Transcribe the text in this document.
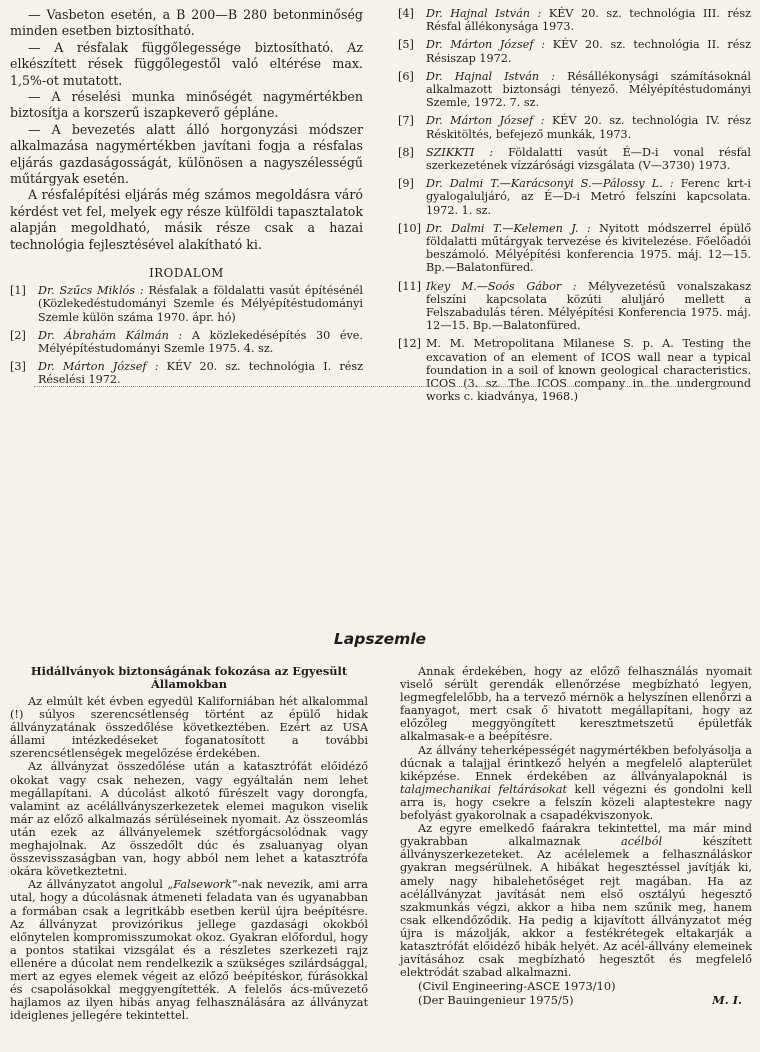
— Vasbeton esetén, a B 200—B 280 betonminőség minden esetben biztosítható.

— A résfalak függőlegessége biztosítható. Az elkészített rések függőlegestől való eltérése max. 1,5%-ot mutatott.

— A réselési munka minőségét nagymértékben biztosítja a korszerű iszapkeverő gépláne.

— A bevezetés alatt álló horgonyzási módszer alkalmazása nagymértékben javítani fogja a résfalas eljárás gazdaságosságát, különösen a nagyszélességű műtárgyak esetén.

A résfalépítési eljárás még számos megoldásra váró kérdést vet fel, melyek egy része külföldi tapasztalatok alapján megoldható, másik része csak a hazai technológia fejlesztésével alakítható ki.

IRODALOM
[1]	Dr. Szűcs Miklós : Résfalak a földalatti vasút építésénél (Közlekedéstudományi Szemle és Mélyépítéstudományi Szemle külön száma 1970. ápr. hó)
[2]	Dr. Ábrahám Kálmán : A közlekedésépítés 30 éve. Mélyépítéstudományi Szemle 1975. 4. sz.
[3]	Dr. Márton József : KÉV 20. sz. technológia I. rész Réselési 1972.
[4]	Dr. Hajnal István : KÉV 20. sz. technológia III. rész Résfal állékonysága 1973.
[5]	Dr. Márton József : KÉV 20. sz. technológia II. rész Résiszap 1972.
[6]	Dr. Hajnal István : Résállékonysági számításoknál alkalmazott biztonsági tényező. Mélyépítéstudományi Szemle, 1972. 7. sz.
[7]	Dr. Márton József : KÉV 20. sz. technológia IV. rész Réskitöltés, befejező munkák, 1973.
[8]	SZIKKTI : Földalatti vasút É—D-i vonal résfal szerkezetének vízzárósági vizsgálata (V—3730) 1973.
[9]	Dr. Dalmi T.—Karácsonyi S.—Pálossy L. : Ferenc krt-i gyalogaluljáró, az É—D-i Metró felszíni kapcsolata. 1972. 1. sz.
[10] Dr. Dalmi T.—Kelemen J. : Nyitott módszerrel épülő földalatti műtárgyak tervezése és kivitelezése. Főelőadói beszámoló. Mélyépítési konferencia 1975. máj. 12—15. Bp.—Balatonfüred.
[11] Ikey M.—Soós Gábor : Mélyvezetésű vonalszakasz felszíni kapcsolata közúti aluljáró mellett a Felszabadulás téren. Mélyépítési Konferencia 1975. máj. 12—15. Bp.—Balatonfüred.
[12] M. M. Metropolitana Milanese S. p. A. Testing the excavation of an element of ICOS wall near a typical foundation in a soil of known geological characteristics. ICOS (3. sz. The ICOS company in the underground works c. kiadványa, 1968.)
Lapszemle
Hidállványok biztonságának fokozása az Egyesült Államokban

Az elmúlt két évben egyedül Kaliforniában hét alkalommal (!) súlyos szerencsétlenség történt az épülő hidak állványzatának összedőlése következtében. Ezért az USA állami intézkedéseket foganatosított a további szerencsétlenségek megelőzése érdekében.

Az állványzat összedőlése után a katasztrófát előidéző okokat vagy csak nehezen, vagy egyáltalán nem lehet megállapítani. A dúcolást alkotó fűrészelt vagy dorongfa, valamint az acélállványszerkezetek elemei magukon viselik már az előző alkalmazás sérüléseinek nyomait. Az összeomlás után ezek az állványelemek szétforgácsolódnak vagy meghajolnak. Az összedőlt dúc és zsaluanyag olyan összevisszaságban van, hogy abból nem lehet a katasztrófa okára következtetni.

Az állványzatot angolul „Falsework”-nak nevezik, ami arra utal, hogy a dúcolásnak átmeneti feladata van és ugyanabban a formában csak a legritkább esetben kerül újra beépítésre. Az állványzat provizórikus jellege gazdasági okokból előnytelen kompromisszumokat okoz. Gyakran előfordul, hogy a pontos statikai vizsgálat és a részletes szerkezeti rajz ellenére a dúcolat nem rendelkezik a szükséges szilárdsággal, mert az egyes elemek végeit az előző beépítéskor, fúrásokkal és csapolásokkal meggyengítették. A felelős ács-művezető hajlamos az ilyen hibás anyag felhasználására az állványzat ideiglenes jellegére tekintettel.

Annak érdekében, hogy az előző felhasználás nyomait viselő sérült gerendák ellenőrzése megbízható legyen, legmegfelelőbb, ha a tervező mérnök a helyszínen ellenőrzi a faanyagot, mert csak ő hivatott megállapítani, hogy az előzőleg meggyöngített keresztmetszetű épületfák alkalmasak-e a beépítésre.

Az állvány teherképességét nagymértékben befolyásolja a dúcnak a talajjal érintkező helyén a megfelelő alapterület kiképzése. Ennek érdekében az állványalapoknál is talajmechanikai feltárásokat kell végezni és gondolni kell arra is, hogy csekre a felszín közeli alaptestekre nagy befolyást gyakorolnak a csapadékviszonyok.

Az egyre emelkedő faárakra tekintettel, ma már mind gyakrabban alkalmaznak acélból készített állványszerkezeteket. Az acélelemek a felhasználáskor gyakran megsérülnek. A hibákat hegesztéssel javítják ki, amely nagy hibalehetőséget rejt magában. Ha az acélállványzat javítását nem első osztályú hegesztő szakmunkás végzi, akkor a hiba nem szűnik meg, hanem csak elkendőződik. Ha pedig a kijavított állványzatot még újra is mázolják, akkor a festékrétegek eltakarják a katasztrófát előidéző hibák helyét. Az acél-állvány elemeinek javításához csak megbízható hegesztőt és megfelelő elektródát szabad alkalmazni.

(Civil Engineering-ASCE 1973/10)
(Der Bauingenieur 1975/5)	M. I.
